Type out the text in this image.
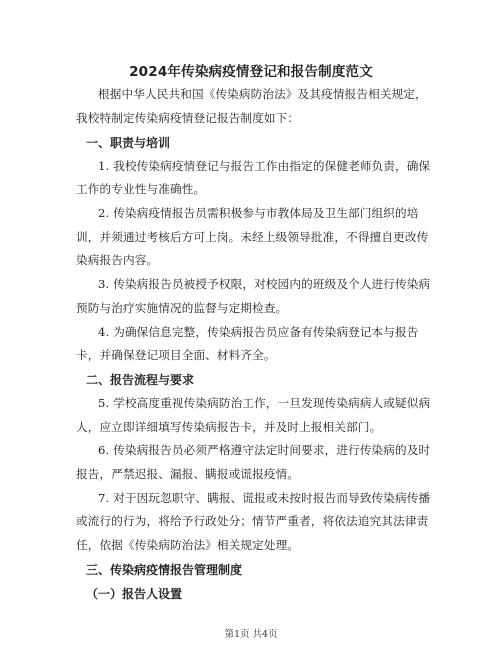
2024年传染病疫情登记和报告制度范文
根据中华人民共和国《传染病防治法》及其疫情报告相关规定，
我校特制定传染病疫情登记报告制度如下：
一、职责与培训
1. 我校传染病疫情登记与报告工作由指定的保健老师负责，确保
工作的专业性与准确性。
2. 传染病疫情报告员需积极参与市教体局及卫生部门组织的培
训，并须通过考核后方可上岗。未经上级领导批准，不得擅自更改传
染病报告内容。
3. 传染病报告员被授予权限，对校园内的班级及个人进行传染病
预防与治疗实施情况的监督与定期检查。
4. 为确保信息完整，传染病报告员应备有传染病登记本与报告
卡，并确保登记项目全面、材料齐全。
二、报告流程与要求
5. 学校高度重视传染病防治工作，一旦发现传染病病人或疑似病
人，应立即详细填写传染病报告卡，并及时上报相关部门。
6. 传染病报告员必须严格遵守法定时间要求，进行传染病的及时
报告，严禁迟报、漏报、瞒报或谎报疫情。
7. 对于因玩忽职守、瞒报、谎报或未按时报告而导致传染病传播
或流行的行为，将给予行政处分；情节严重者，将依法追究其法律责
任，依据《传染病防治法》相关规定处理。
三、传染病疫情报告管理制度
（一）报告人设置
第1页 共4页
